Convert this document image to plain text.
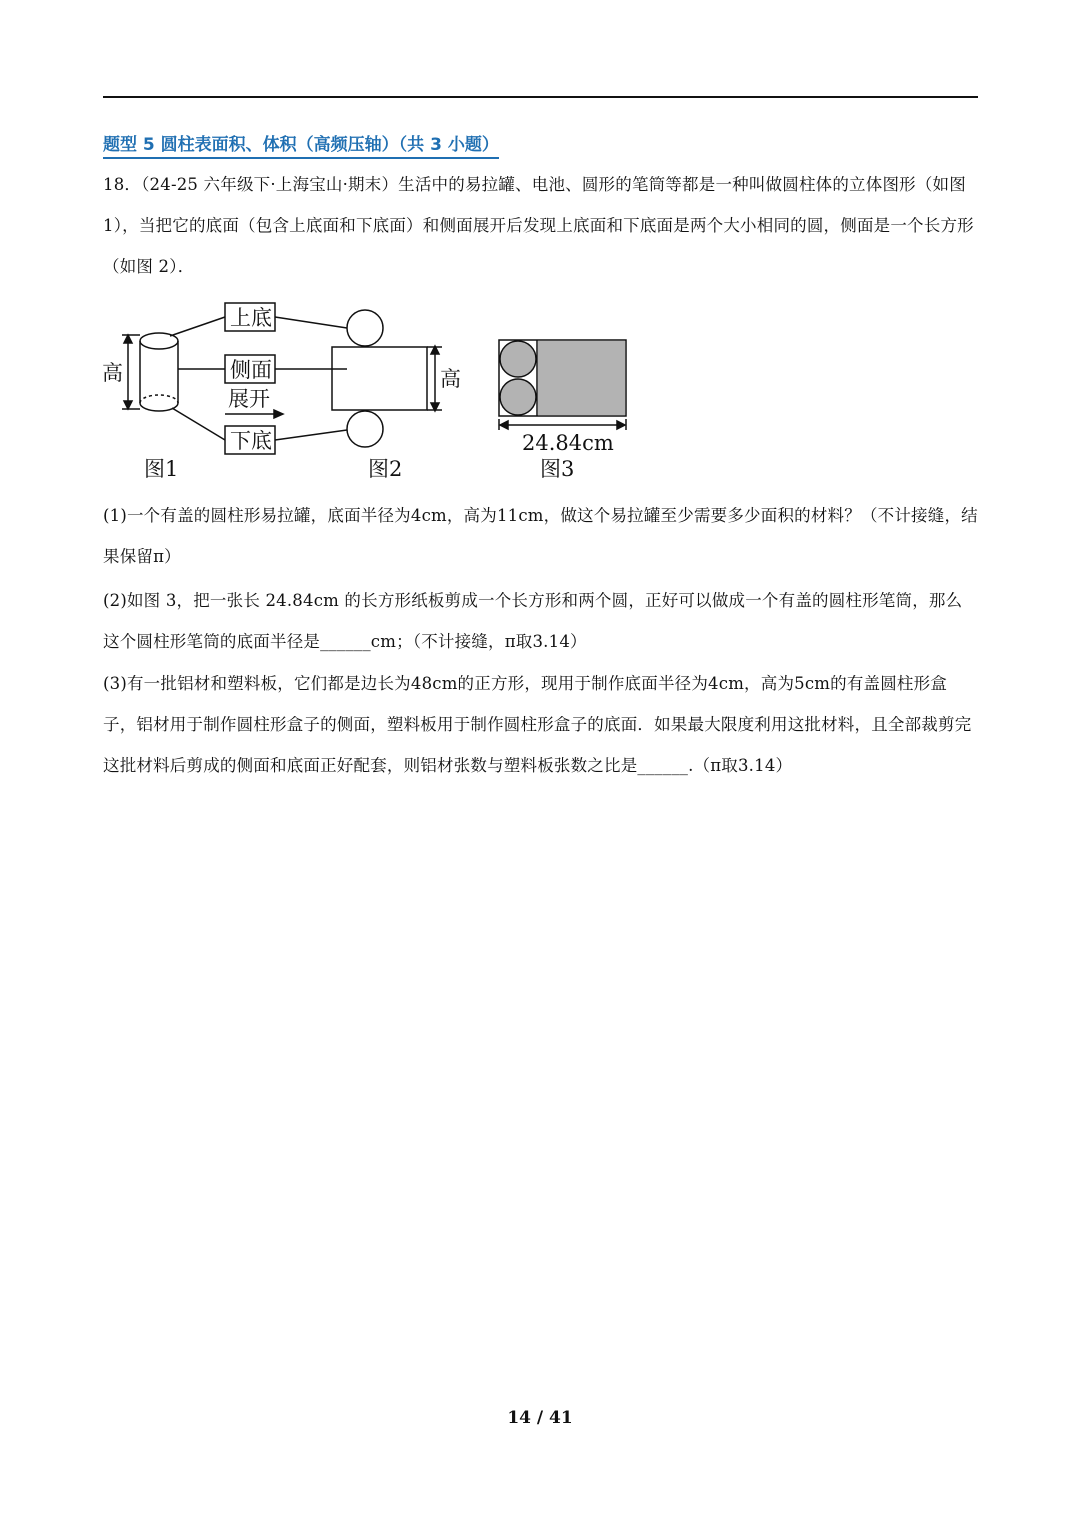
题型 5 圆柱表面积、体积（高频压轴）（共 3 小题）
18．（24-25 六年级下·上海宝山·期末）生活中的易拉罐、电池、圆形的笔筒等都是一种叫做圆柱体的立体图形（如图 1），当把它的底面（包含上底面和下底面）和侧面展开后发现上底面和下底面是两个大小相同的圆，侧面是一个长方形（如图 2）．
上底
侧面
下底
展开
高	高
图1	图2
24.84cm
图3
(1)一个有盖的圆柱形易拉罐，底面半径为4cm，高为11cm，做这个易拉罐至少需要多少面积的材料？（不计接缝，结果保留π）
(2)如图 3，把一张长 24.84cm 的长方形纸板剪成一个长方形和两个圆，正好可以做成一个有盖的圆柱形笔筒，那么这个圆柱形笔筒的底面半径是______cm；（不计接缝，π取3.14）
(3)有一批铝材和塑料板，它们都是边长为48cm的正方形，现用于制作底面半径为4cm，高为5cm的有盖圆柱形盒子，铝材用于制作圆柱形盒子的侧面，塑料板用于制作圆柱形盒子的底面．如果最大限度利用这批材料，且全部裁剪完这批材料后剪成的侧面和底面正好配套，则铝材张数与塑料板张数之比是______.（π取3.14）
14 / 41
